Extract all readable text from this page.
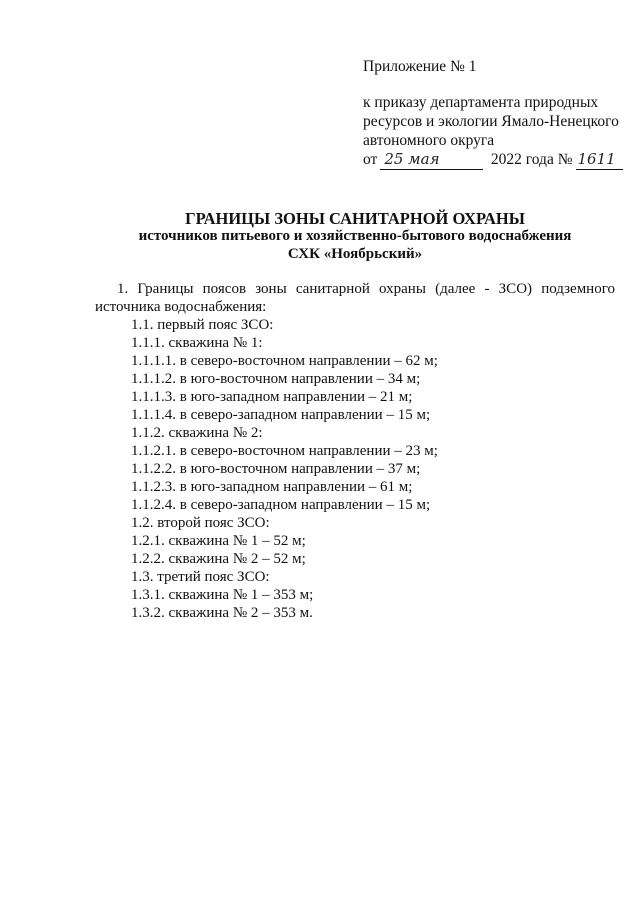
Приложение № 1
к приказу департамента природных
ресурсов и экологии Ямало-Ненецкого
автономного округа
от 25 мая	2022 года № 1611
ГРАНИЦЫ ЗОНЫ САНИТАРНОЙ ОХРАНЫ
источников питьевого и хозяйственно-бытового водоснабжения
СХК «Ноябрьский»
1. Границы поясов зоны санитарной охраны (далее - ЗСО) подземного источника водоснабжения:
1.1. первый пояс ЗСО:
1.1.1. скважина № 1:
1.1.1.1. в северо-восточном направлении – 62 м;
1.1.1.2. в юго-восточном направлении – 34 м;
1.1.1.3. в юго-западном направлении – 21 м;
1.1.1.4. в северо-западном направлении – 15 м;
1.1.2. скважина № 2:
1.1.2.1. в северо-восточном направлении – 23 м;
1.1.2.2. в юго-восточном направлении – 37 м;
1.1.2.3. в юго-западном направлении – 61 м;
1.1.2.4. в северо-западном направлении – 15 м;
1.2. второй пояс ЗСО:
1.2.1. скважина № 1 – 52 м;
1.2.2. скважина № 2 – 52 м;
1.3. третий пояс ЗСО:
1.3.1. скважина № 1 – 353 м;
1.3.2. скважина № 2 – 353 м.
